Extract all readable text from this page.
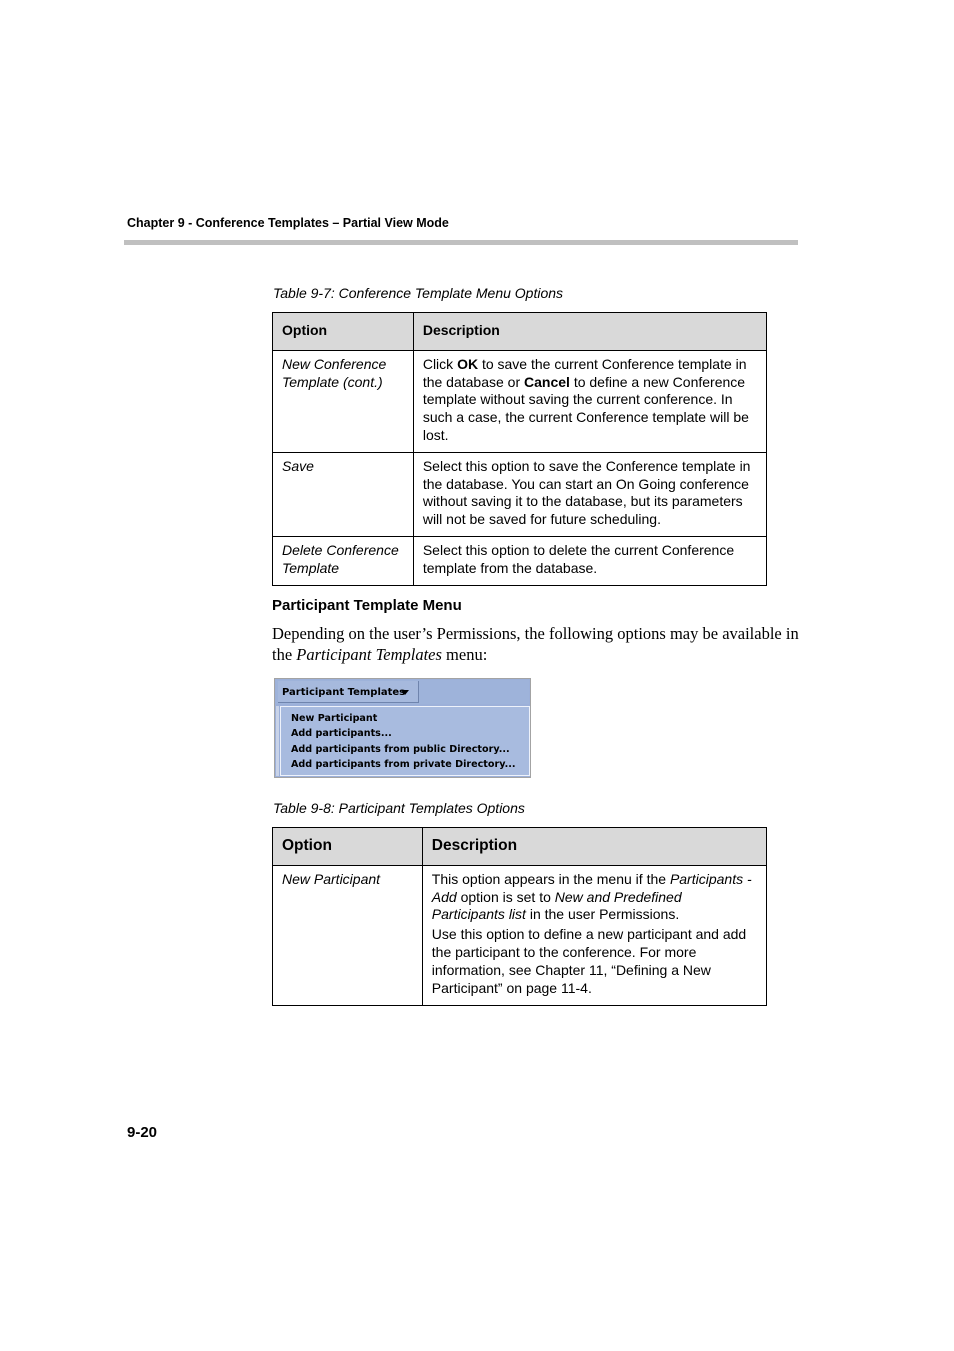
Chapter 9 - Conference Templates – Partial View Mode
Table 9-7: Conference Template Menu Options
Option	Description
New Conference Template (cont.)	Click OK to save the current Conference template in the database or Cancel to define a new Conference template without saving the current conference. In such a case, the current Conference template will be lost.
Save	Select this option to save the Conference template in the database. You can start an On Going conference without saving it to the database, but its parameters will not be saved for future scheduling.
Delete Conference Template	Select this option to delete the current Conference template from the database.
Participant Template Menu
Depending on the user’s Permissions, the following options may be available in the Participant Templates menu:
Participant Templates
New Participant
Add participants...
Add participants from public Directory...
Add participants from private Directory...
Table 9-8: Participant Templates Options
Option	Description
New Participant	This option appears in the menu if the Participants - Add option is set to New and Predefined Participants list in the user Permissions.
Use this option to define a new participant and add the participant to the conference. For more information, see Chapter 11, “Defining a New Participant” on page 11-4.
9-20
